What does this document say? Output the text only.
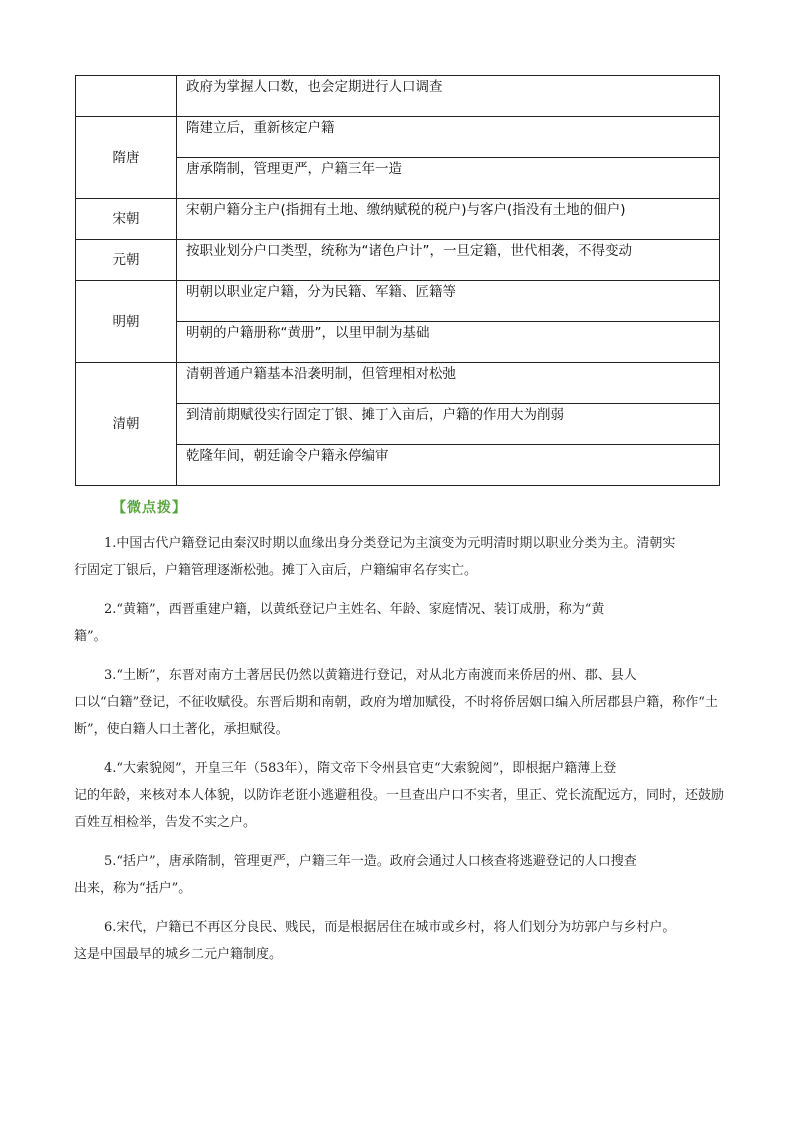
	政府为掌握人口数，也会定期进行人口调查
隋唐	隋建立后，重新核定户籍
	唐承隋制，管理更严，户籍三年一造
宋朝	宋朝户籍分主户(指拥有土地、缴纳赋税的税户)与客户(指没有土地的佃户)
元朝	按职业划分户口类型，统称为“诸色户计”，一旦定籍，世代相袭，不得变动
明朝	明朝以职业定户籍，分为民籍、军籍、匠籍等
	明朝的户籍册称“黄册”，以里甲制为基础
清朝	清朝普通户籍基本沿袭明制，但管理相对松弛
	到清前期赋役实行固定丁银、摊丁入亩后，户籍的作用大为削弱
	乾隆年间，朝廷谕令户籍永停编审
【微点拨】
1.中国古代户籍登记由秦汉时期以血缘出身分类登记为主演变为元明清时期以职业分类为主。清朝实
行固定丁银后，户籍管理逐渐松弛。摊丁入亩后，户籍编审名存实亡。
2.“黄籍”，西晋重建户籍，以黄纸登记户主姓名、年龄、家庭情况、装订成册，称为“黄
籍”。
3.“土断”，东晋对南方土著居民仍然以黄籍进行登记，对从北方南渡而来侨居的州、郡、县人
口以“白籍”登记，不征收赋役。东晋后期和南朝，政府为增加赋役，不时将侨居姻口编入所居郡县户籍，称作“土断”，使白籍人口土著化，承担赋役。
4.“大索貌阅”，开皇三年（583年），隋文帝下令州县官吏“大索貌阅”，即根据户籍薄上登
记的年龄，来核对本人体貌，以防诈老诳小逃避租役。一旦查出户口不实者，里正、党长流配远方，同时，还鼓励百姓互相检举，告发不实之户。
5.“括户”，唐承隋制，管理更严，户籍三年一造。政府会通过人口核查将逃避登记的人口搜查
出来，称为“括户”。
6.宋代，户籍已不再区分良民、贱民，而是根据居住在城市或乡村，将人们划分为坊郭户与乡村户。
这是中国最早的城乡二元户籍制度。
